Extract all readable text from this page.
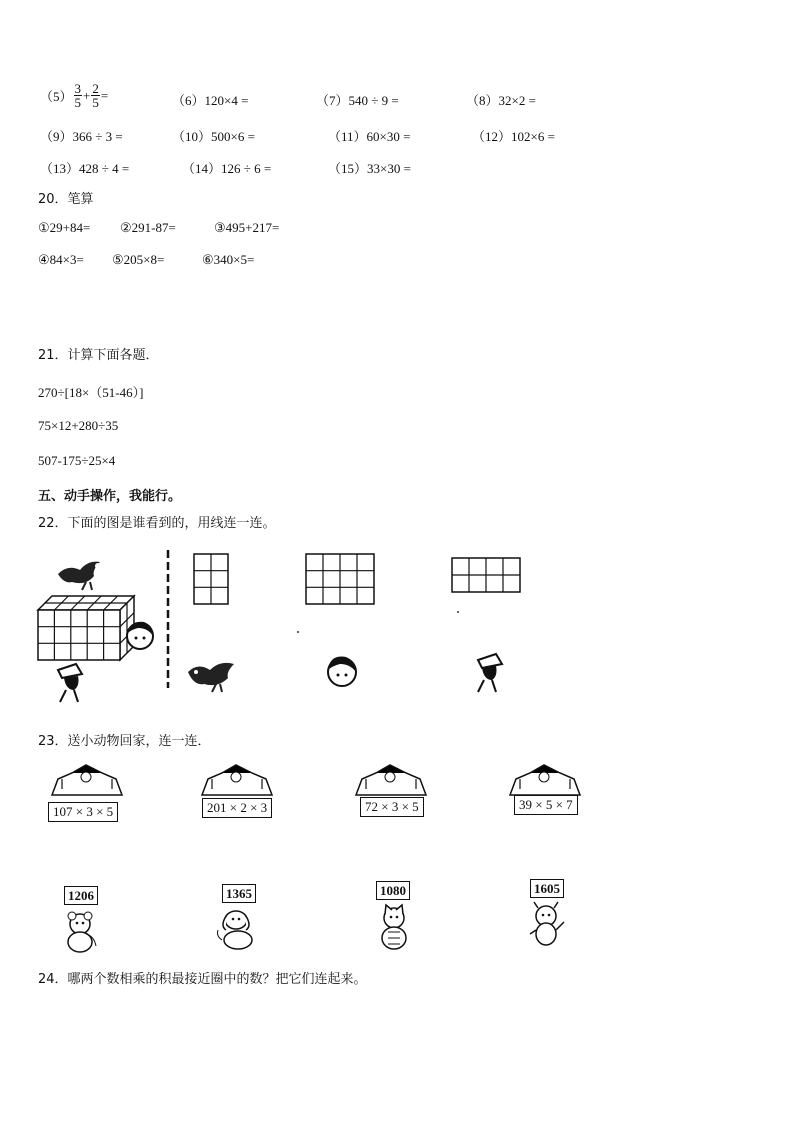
$(5) \frac{3}{5} + \frac{2}{5}$ =	（6）120×4 =	（7）540 ÷ 9 =	（8）32×2 =
（9）366 ÷ 3 =	（10）500×6 =	（11）60×30 =	（12）102×6 =
（13）428 ÷ 4 =	（14）126 ÷ 6 =	（15）33×30 =
20．笔算
①29+84= ②291-87=	③495+217=
④84×3= ⑤205×8=	⑥340×5=
21．计算下面各题．
270÷[18×（51-46）]
75×12+280÷35
507-175÷25×4
五、动手操作，我能行。
22．下面的图是谁看到的，用线连一连。
23．送小动物回家，连一连．
107 × 3 × 5	201 × 2 × 3	72 × 3 × 5	39 × 5 × 7
1206	1365	1080	1605
24．哪两个数相乘的积最接近圈中的数？把它们连起来。
